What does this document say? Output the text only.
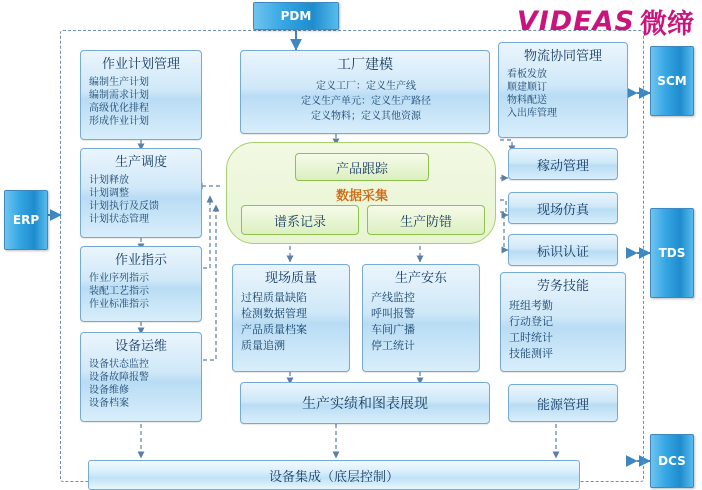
VIDEAS 微缔
PDM
ERP
SCM
TDS
DCS
作业计划管理
编制生产计划
编制需求计划
高级优化排程
形成作业计划
生产调度
计划释放
计划调整
计划执行及反馈
计划状态管理
作业指示
作业序列指示
装配工艺指示
作业标准指示
设备运维
设备状态监控
设备故障报警
设备维修
设备档案
工厂建模
定义工厂：定义生产线
定义生产单元：定义生产路径
定义物料；定义其他资源
物流协同管理
看板发放
顺建顺订
物料配送
入出库管理
稼动管理
现场仿真
标识认证
产品跟踪
数据采集
谱系记录	生产防错
现场质量
过程质量缺陷
检测数据管理
产品质量档案
质量追溯
生产安东
产线监控
呼叫报警
车间广播
停工统计
劳务技能
班组考勤
行动登记
工时统计
技能测评
生产实绩和图表展现	能源管理
设备集成（底层控制）
